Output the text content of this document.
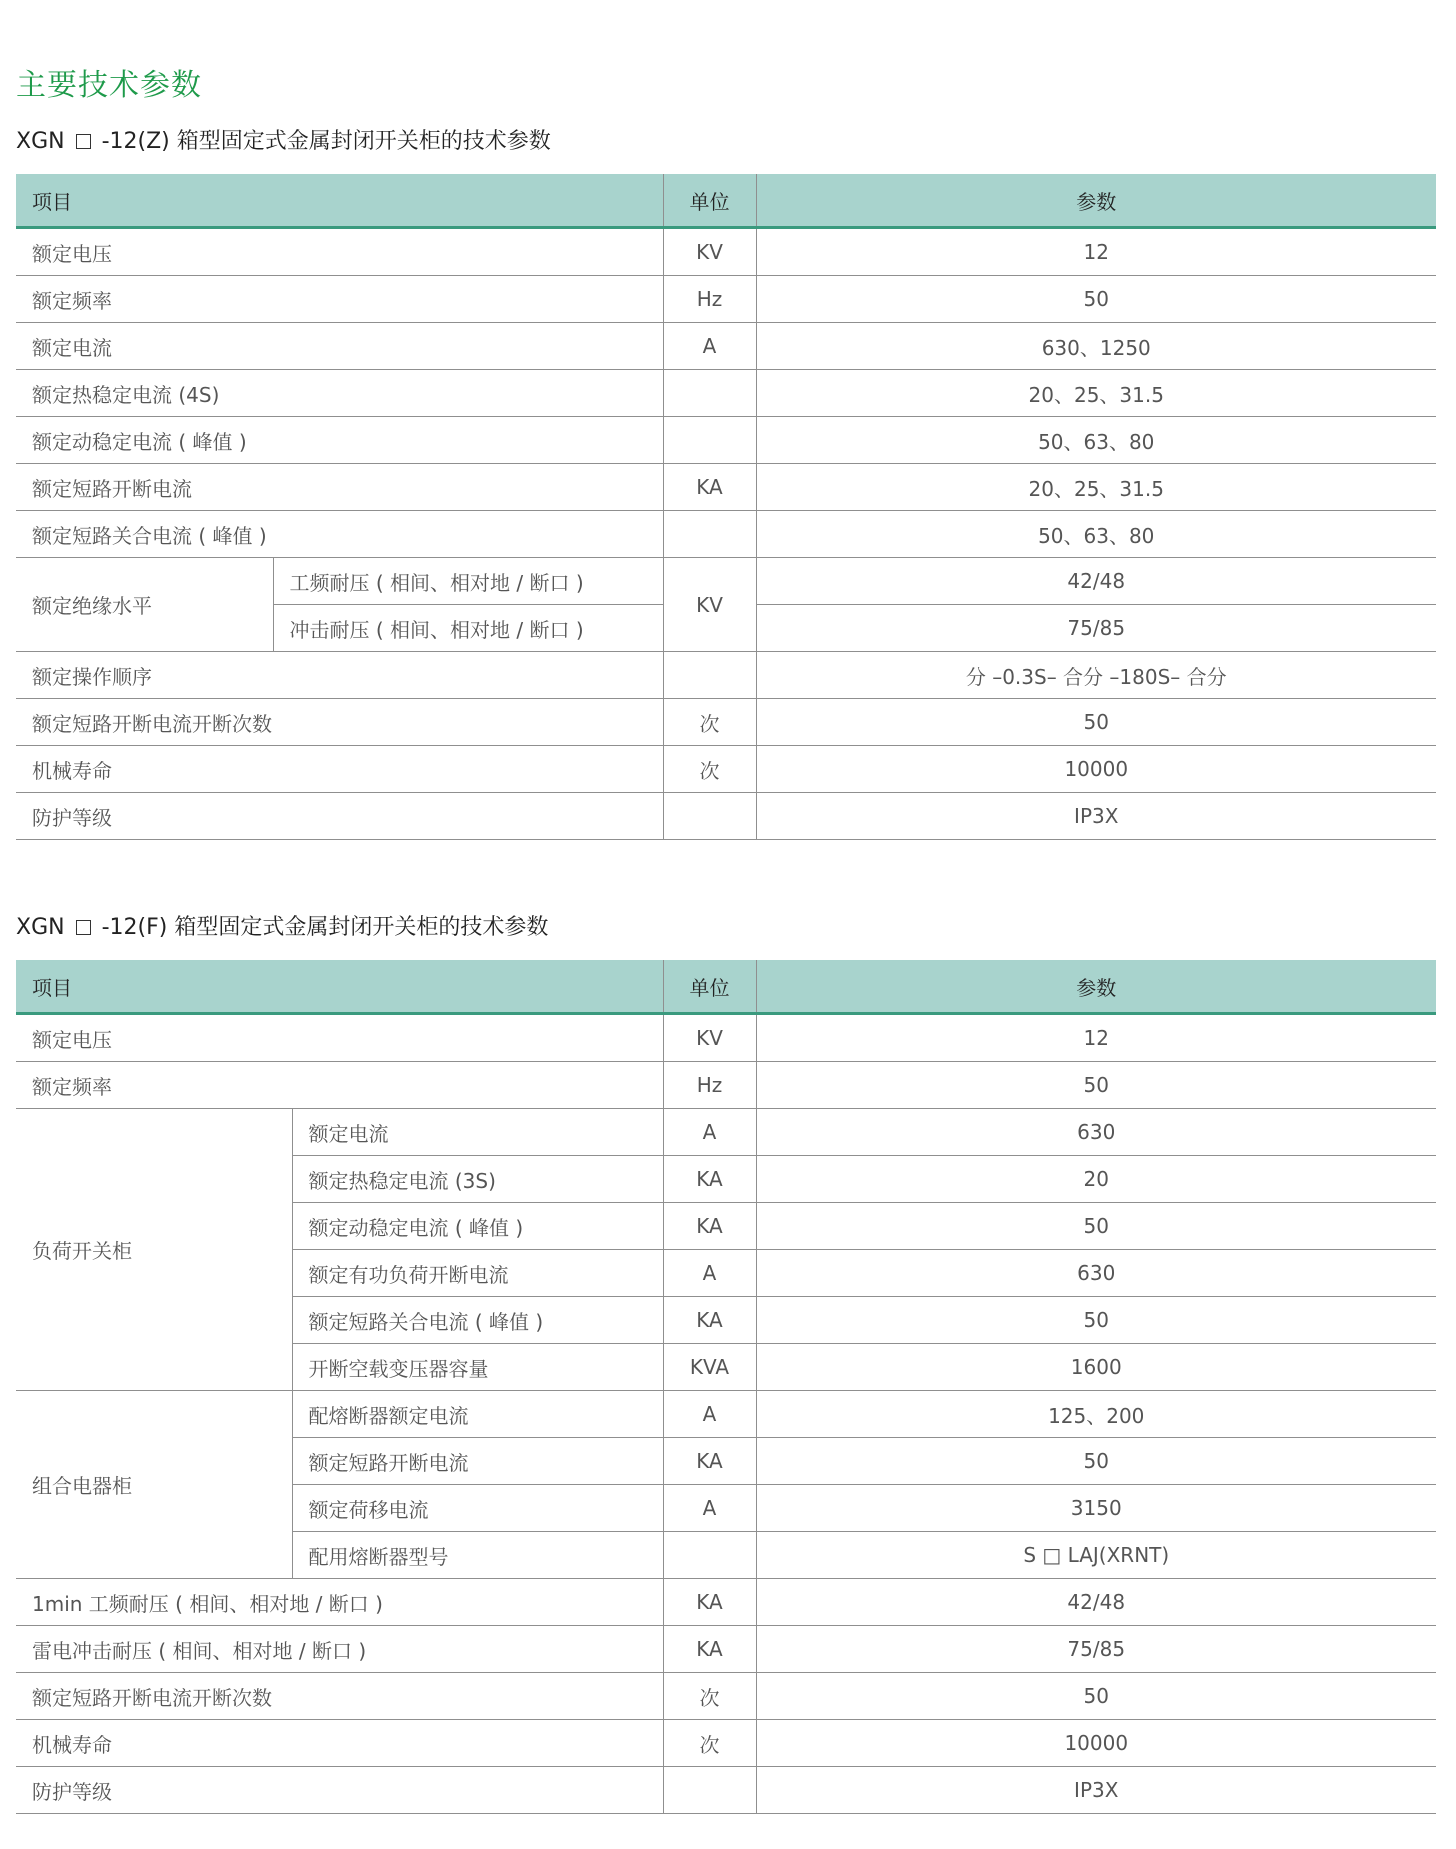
主要技术参数
XGN -12(Z) 箱型固定式金属封闭开关柜的技术参数
项目		单位	参数
额定电压		KV	12
额定频率		Hz	50
额定电流		A	630、1250
额定热稳定电流 (4S)			20、25、31.5
额定动稳定电流 ( 峰值 )			50、63、80
额定短路开断电流		KA	20、25、31.5
额定短路关合电流 ( 峰值 )			50、63、80
额定绝缘水平	工频耐压 ( 相间、相对地 / 断口 )	KV	42/48
	冲击耐压 ( 相间、相对地 / 断口 )		75/85
额定操作顺序			分 –0.3S– 合分 –180S– 合分
额定短路开断电流开断次数		次	50
机械寿命		次	10000
防护等级			IP3X
XGN -12(F) 箱型固定式金属封闭开关柜的技术参数
项目		单位	参数
额定电压		KV	12
额定频率		Hz	50
负荷开关柜	额定电流	A	630
	额定热稳定电流 (3S)	KA	20
	额定动稳定电流 ( 峰值 )	KA	50
	额定有功负荷开断电流	A	630
	额定短路关合电流 ( 峰值 )	KA	50
	开断空载变压器容量	KVA	1600
组合电器柜	配熔断器额定电流	A	125、200
	额定短路开断电流	KA	50
	额定荷移电流	A	3150
	配用熔断器型号		S □ LAJ(XRNT)
1min 工频耐压 ( 相间、相对地 / 断口 )		KA	42/48
雷电冲击耐压 ( 相间、相对地 / 断口 )		KA	75/85
额定短路开断电流开断次数		次	50
机械寿命		次	10000
防护等级			IP3X
